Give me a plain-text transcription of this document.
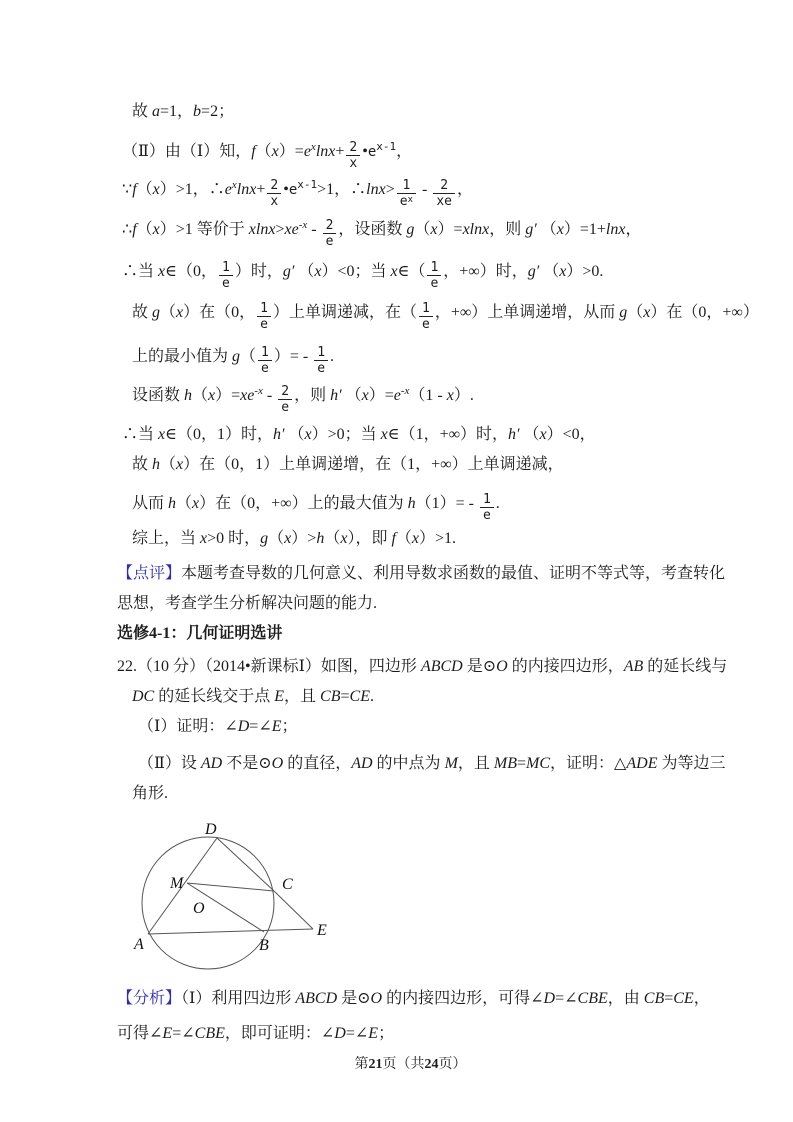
故 a=1，b=2；
（Ⅱ）由（Ⅰ）知，$f(x)=e^x\ln x+ \frac{2}{x}$ $•e^{x-1}$，
∵f（x）>1，$\therefore e^x\ln x+ \frac{2}{x}$ $•e^{x-1}>1$，∴lnx> $\frac{1}{e^x} - \frac{2}{xe}$ ，
∴f（x）>1 等价于 $xlnx>xe^{-x} - \frac{2}{e}$ ，设函数 g（x）=xlnx，则 g′ （x）=1+lnx，
∴当 x∈（0， $\frac{1}{e}$ ）时，g′ （x）<0；当 x∈（ $\frac{1}{e}$ ，+∞）时，g′ （x）>0.
故 g（x）在（0， $\frac{1}{e}$ ）上单调递减，在（ $\frac{1}{e}$ ，+∞）上单调递增，从而 g（x）在（0，+∞）
上的最小值为 $g( \frac{1}{e}$ ）= - $\frac{1}{e}$ .
设函数 $h(x)=xe^{-x} - \frac{2}{e}$ ，则 h′ $(x)=e^{-x}(1 - x)$.
∴当 x∈（0，1）时，h′ （x）>0；当 x∈（1，+∞）时，h′ （x）<0，
故 h（x）在（0，1）上单调递增，在（1，+∞）上单调递减，
从而 h（x）在（0，+∞）上的最大值为 $h(1)= - \frac{1}{e}$ .
综上，当 x>0 时，g（x）>h（x），即 f（x）>1.
【点评】本题考查导数的几何意义、利用导数求函数的最值、证明不等式等，考查转化
思想，考查学生分析解决问题的能力.
选修4-1：几何证明选讲
22.（10 分）（2014•新课标Ⅰ）如图，四边形 ABCD 是⊙O 的内接四边形，AB 的延长线与
DC 的延长线交于点 E，且 CB=CE.
（Ⅰ）证明：∠D=∠E；
（Ⅱ）设 AD 不是⊙O 的直径，AD 的中点为 M，且 MB=MC，证明：△ADE 为等边三
角形.
D
M	C
O
A	B
E
【分析】（Ⅰ）利用四边形 ABCD 是⊙O 的内接四边形，可得∠D=∠CBE，由 CB=CE，
可得∠E=∠CBE，即可证明：∠D=∠E；
第21页（共24页）
